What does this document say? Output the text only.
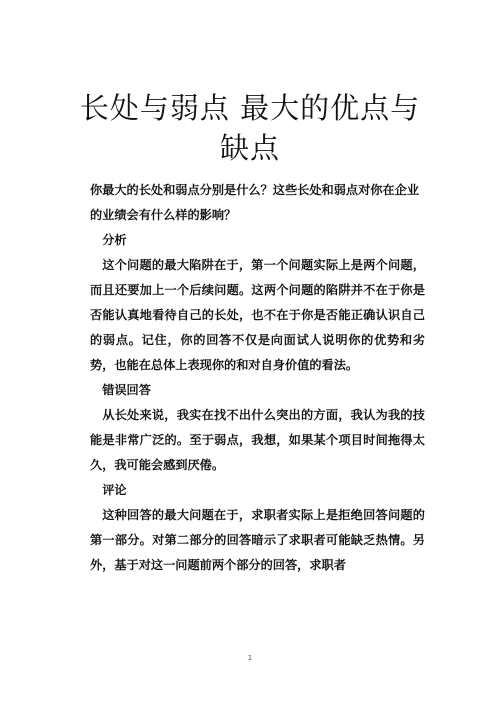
长处与弱点 最大的优点与
缺点

你最大的长处和弱点分别是什么？这些长处和弱点对你在企业的业绩会有什么样的影响？

分析

这个问题的最大陷阱在于，第一个问题实际上是两个问题，而且还要加上一个后续问题。这两个问题的陷阱并不在于你是否能认真地看待自己的长处，也不在于你是否能正确认识自己的弱点。记住，你的回答不仅是向面试人说明你的优势和劣势，也能在总体上表现你的和对自身价值的看法。

错误回答

从长处来说，我实在找不出什么突出的方面，我认为我的技能是非常广泛的。至于弱点，我想，如果某个项目时间拖得太久，我可能会感到厌倦。

评论

这种回答的最大问题在于，求职者实际上是拒绝回答问题的第一部分。对第二部分的回答暗示了求职者可能缺乏热情。另外，基于对这一问题前两个部分的回答，求职者

1
